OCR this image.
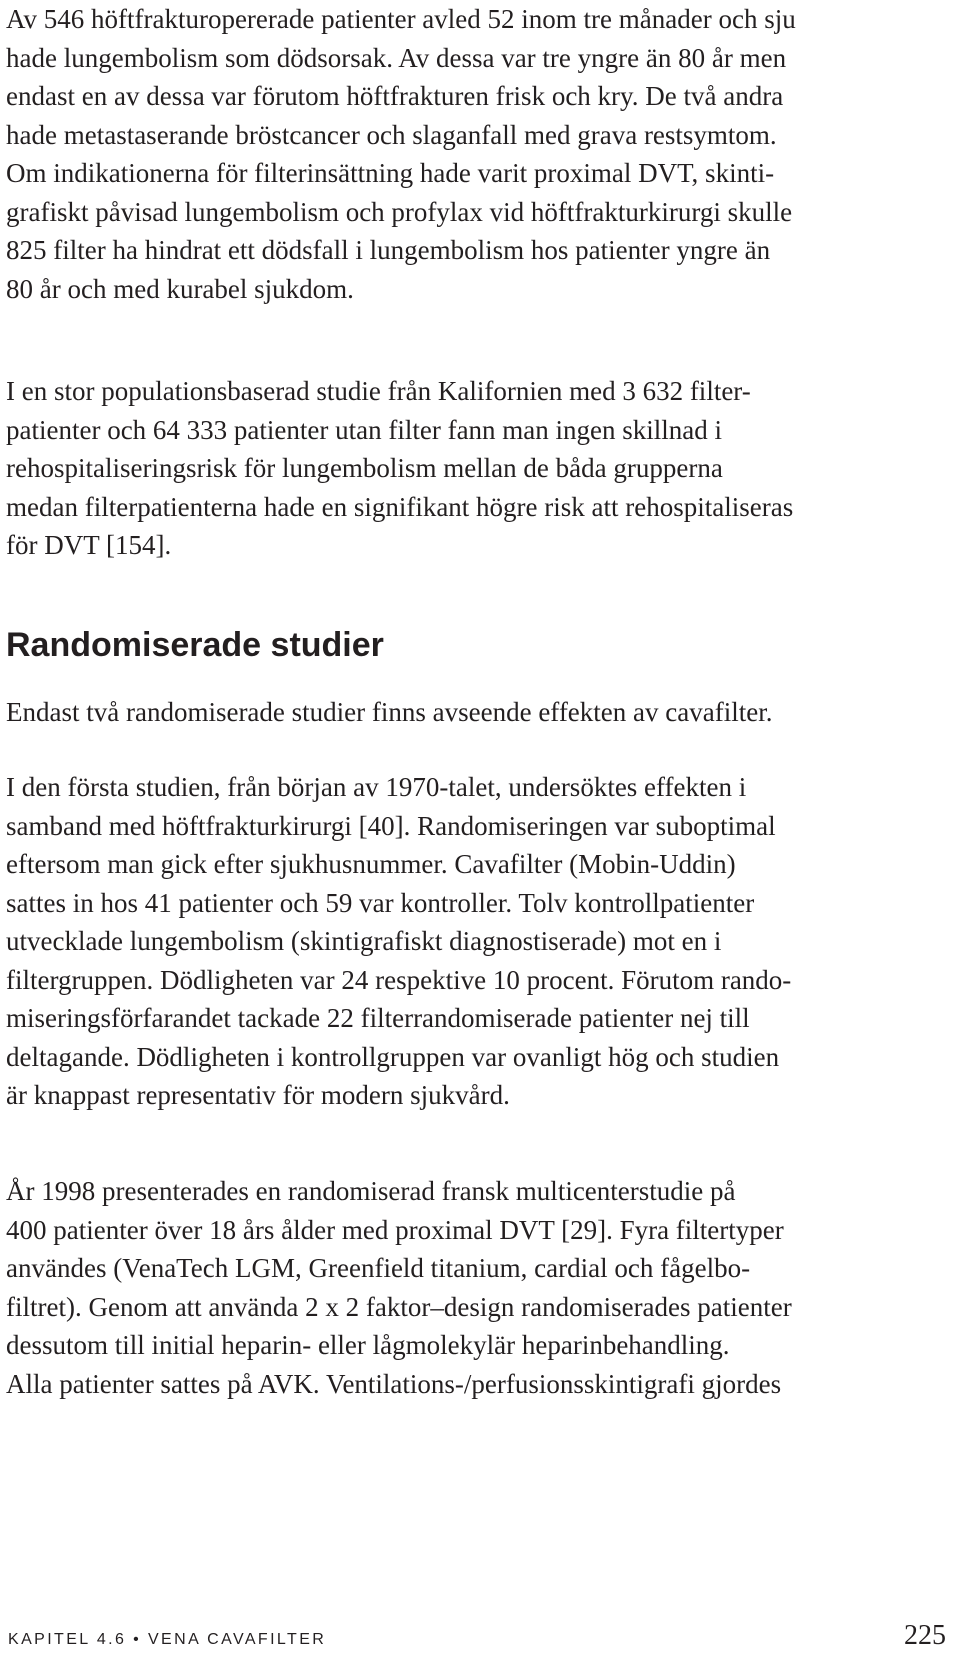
Av 546 höftfrakturopererade patienter avled 52 inom tre månader och sju
hade lungembolism som dödsorsak. Av dessa var tre yngre än 80 år men
endast en av dessa var förutom höftfrakturen frisk och kry. De två andra
hade metastaserande bröstcancer och slaganfall med grava restsymtom.
Om indikationerna för filterinsättning hade varit proximal DVT, skinti-
grafiskt påvisad lungembolism och profylax vid höftfrakturkirurgi skulle
825 filter ha hindrat ett dödsfall i lungembolism hos patienter yngre än
80 år och med kurabel sjukdom.
I en stor populationsbaserad studie från Kalifornien med 3 632 filter-
patienter och 64 333 patienter utan filter fann man ingen skillnad i
rehospitaliseringsrisk för lungembolism mellan de båda grupperna
medan filterpatienterna hade en signifikant högre risk att rehospitaliseras
för DVT [154].
Randomiserade studier
Endast två randomiserade studier finns avseende effekten av cavafilter.
I den första studien, från början av 1970-talet, undersöktes effekten i
samband med höftfrakturkirurgi [40]. Randomiseringen var suboptimal
eftersom man gick efter sjukhusnummer. Cavafilter (Mobin-Uddin)
sattes in hos 41 patienter och 59 var kontroller. Tolv kontrollpatienter
utvecklade lungembolism (skintigrafiskt diagnostiserade) mot en i
filtergruppen. Dödligheten var 24 respektive 10 procent. Förutom rando-
miseringsförfarandet tackade 22 filterrandomiserade patienter nej till
deltagande. Dödligheten i kontrollgruppen var ovanligt hög och studien
är knappast representativ för modern sjukvård.
År 1998 presenterades en randomiserad fransk multicenterstudie på
400 patienter över 18 års ålder med proximal DVT [29]. Fyra filtertyper
användes (VenaTech LGM, Greenfield titanium, cardial och fågelbo-
filtret). Genom att använda 2 x 2 faktor–design randomiserades patienter
dessutom till initial heparin- eller lågmolekylär heparinbehandling.
Alla patienter sattes på AVK. Ventilations-/perfusionsskintigrafi gjordes
KAPITEL 4.6 • VENA CAVAFILTER	225
